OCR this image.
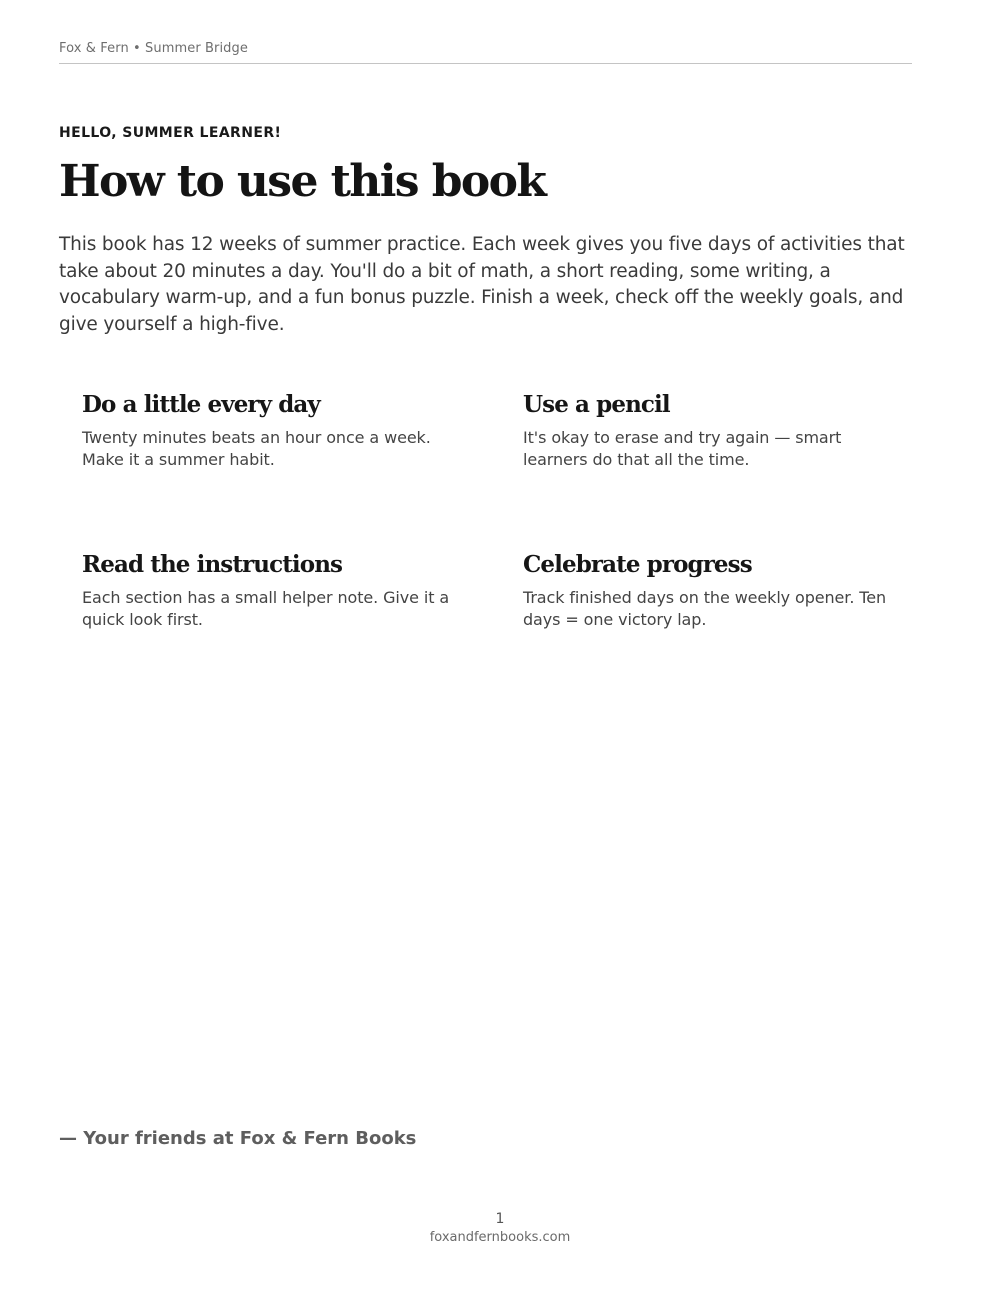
Fox & Fern • Summer Bridge
HELLO, SUMMER LEARNER!
How to use this book

This book has 12 weeks of summer practice. Each week gives you five days of activities that take about 20 minutes a day. You'll do a bit of math, a short reading, some writing, a vocabulary warm-up, and a fun bonus puzzle. Finish a week, check off the weekly goals, and give yourself a high-five.

Do a little every day

Twenty minutes beats an hour once a week. Make it a summer habit.

Use a pencil

It's okay to erase and try again — smart learners do that all the time.

Read the instructions

Each section has a small helper note. Give it a quick look first.

Celebrate progress

Track finished days on the weekly opener. Ten days = one victory lap.

— Your friends at Fox & Fern Books
1
foxandfernbooks.com
